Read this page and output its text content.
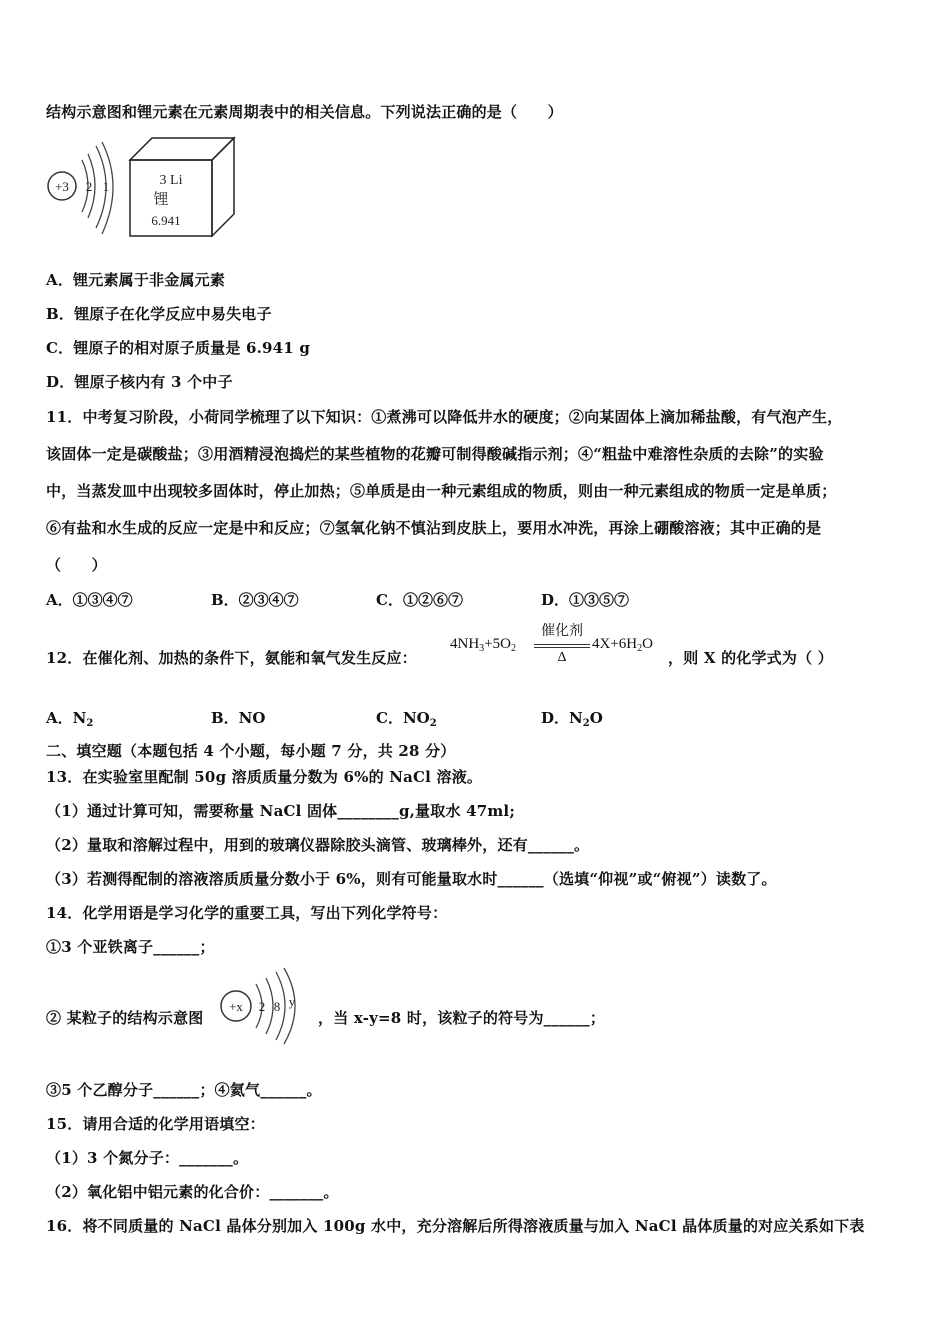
结构示意图和锂元素在元素周期表中的相关信息。下列说法正确的是（　　）
+3 2 1	3 Li
锂
6.941
A．锂元素属于非金属元素
B．锂原子在化学反应中易失电子
C．锂原子的相对原子质量是 6.941 g
D．锂原子核内有 3 个中子
11．中考复习阶段，小荷同学梳理了以下知识：①煮沸可以降低井水的硬度；②向某固体上滴加稀盐酸，有气泡产生，
该固体一定是碳酸盐；③用酒精浸泡捣烂的某些植物的花瓣可制得酸碱指示剂；④“粗盐中难溶性杂质的去除”的实验
中，当蒸发皿中出现较多固体时，停止加热；⑤单质是由一种元素组成的物质，则由一种元素组成的物质一定是单质；
⑥有盐和水生成的反应一定是中和反应；⑦氢氧化钠不慎沾到皮肤上，要用水冲洗，再涂上硼酸溶液；其中正确的是
（　　）
A．①③④⑦	B．②③④⑦	C．①②⑥⑦	D．①③⑤⑦
12．在催化剂、加热的条件下，氨能和氧气发生反应：
$4NH_3+5O_2$
催化剂
Δ
$4X+6H_2O$
，则 X 的化学式为（ ）
A．$N_2$	B．NO	C．$NO_2$	D．$N_2O$
二、填空题（本题包括 4 个小题，每小题 7 分，共 28 分）
13．在实验室里配制 50g 溶质质量分数为 6%的 NaCl 溶液。
（1）通过计算可知，需要称量 NaCl 固体________g,量取水 47ml;
（2）量取和溶解过程中，用到的玻璃仪器除胶头滴管、玻璃棒外，还有______。
（3）若测得配制的溶液溶质质量分数小于 6%，则有可能量取水时______（选填“仰视”或“俯视”）读数了。
14．化学用语是学习化学的重要工具，写出下列化学符号：
①3 个亚铁离子______；
② 某粒子的结构示意图
+x 2 8 y
，当 x-y=8 时，该粒子的符号为______；
③5 个乙醇分子______；④氦气______。
15．请用合适的化学用语填空：
（1）3 个氮分子：_______。
（2）氧化铝中铝元素的化合价：_______。
16．将不同质量的 NaCl 晶体分别加入 100g 水中，充分溶解后所得溶液质量与加入 NaCl 晶体质量的对应关系如下表
